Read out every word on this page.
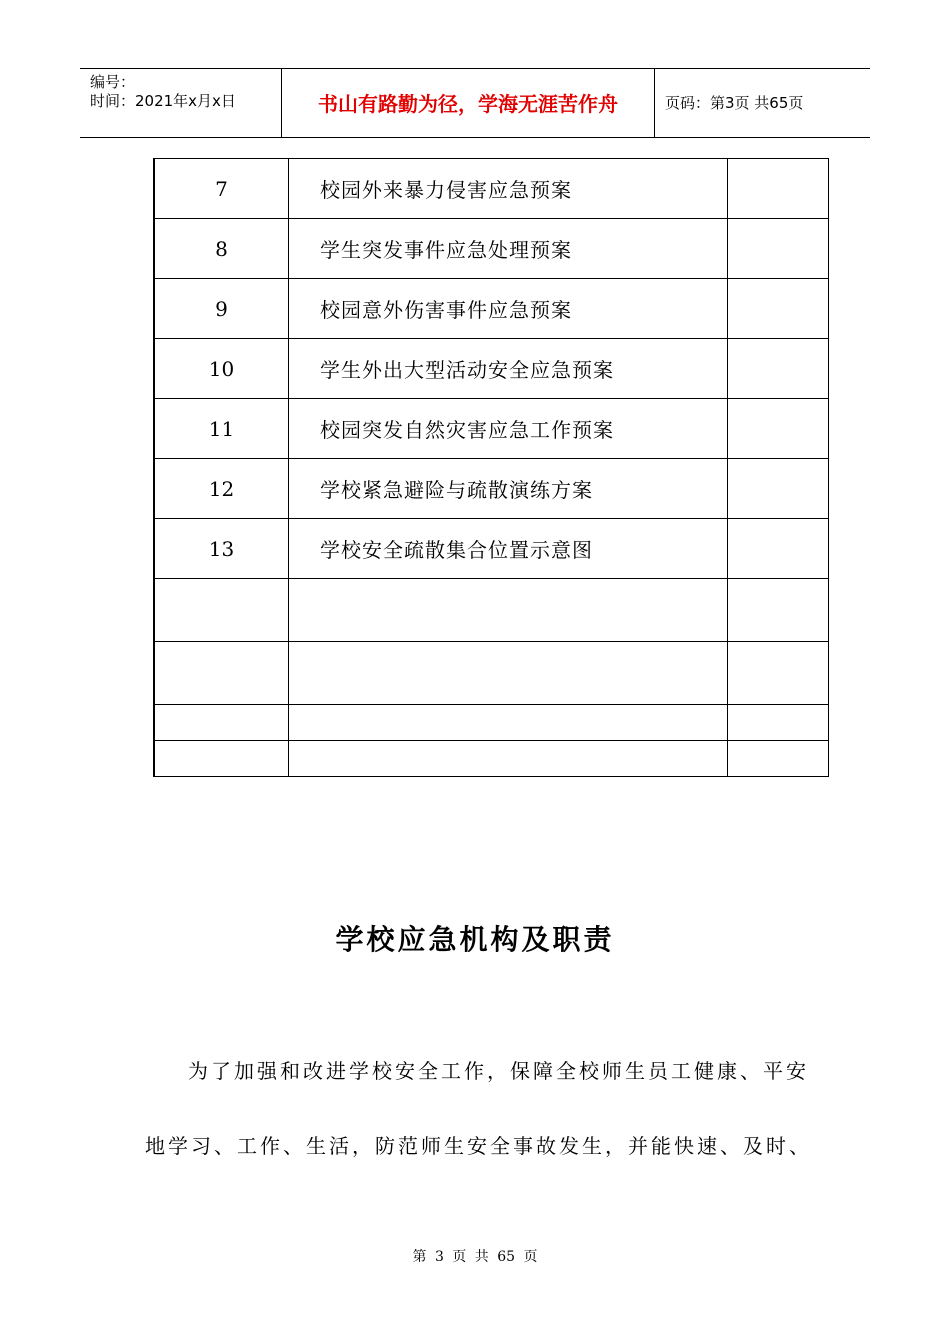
编号：
时间：2021年x月x日	书山有路勤为径，学海无涯苦作舟	页码：第3页 共65页
7	校园外来暴力侵害应急预案	
8	学生突发事件应急处理预案	
9	校园意外伤害事件应急预案	
10	学生外出大型活动安全应急预案	
11	校园突发自然灾害应急工作预案	
12	学校紧急避险与疏散演练方案	
13	学校安全疏散集合位置示意图	

学校应急机构及职责
为了加强和改进学校安全工作，保障全校师生员工健康、平安
地学习、工作、生活，防范师生安全事故发生，并能快速、及时、
第 3 页 共 65 页
